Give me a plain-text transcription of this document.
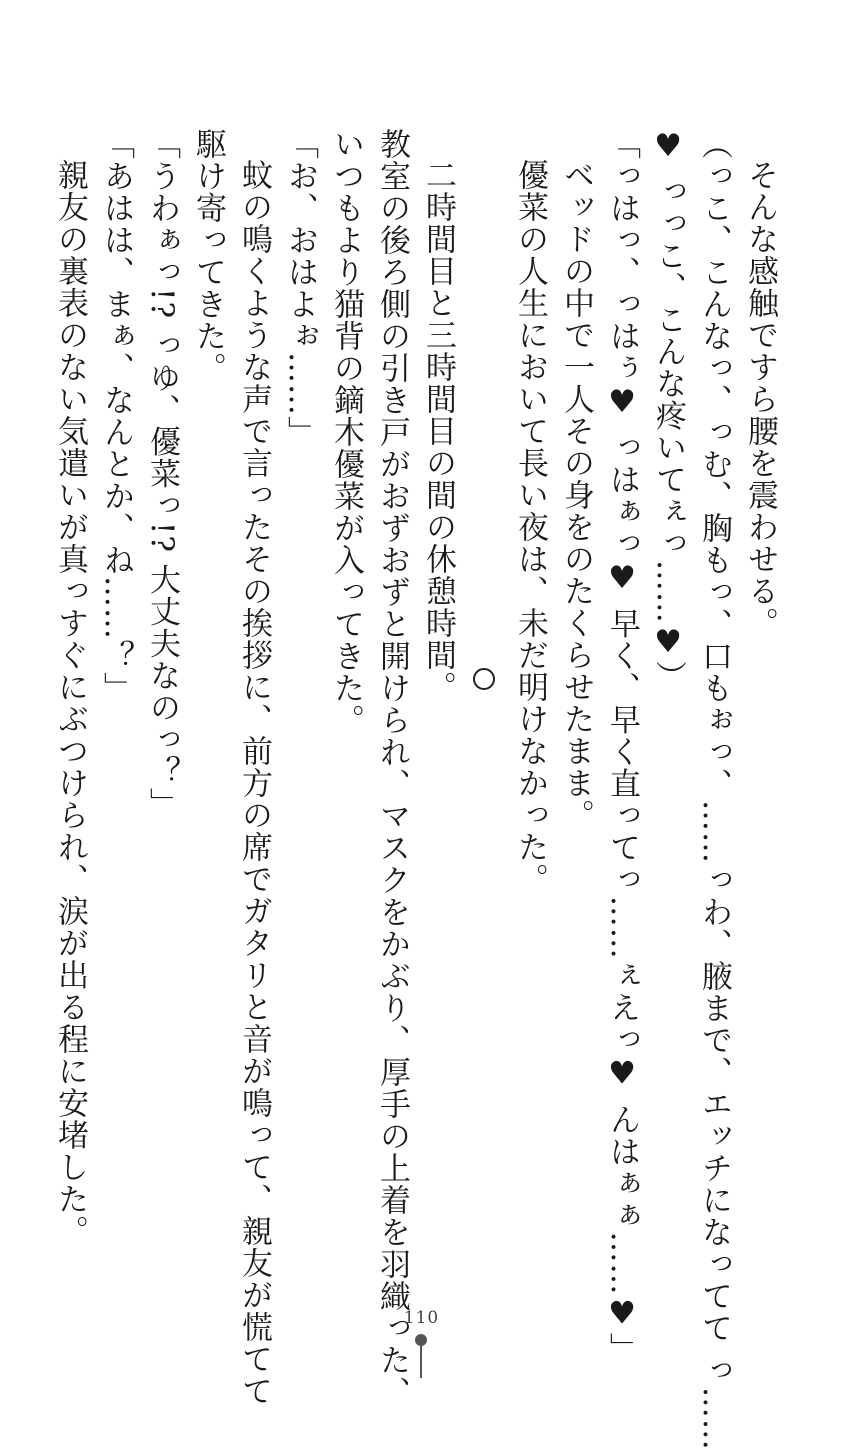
そんな感触ですら腰を震わせる。
（っこ、こんなっ、っむ、胸もっ、口もぉっ、……っわ、腋まで、エッチになってて っ……
♥ っっこ、こんな疼いてぇっ……♥）
「っはっ、っはぅ♥ っはぁっ♥ 早く、早く直ってっ……ぇえっ♥ んはぁぁ……♥」
ベッドの中で一人その身をのたくらせたまま。
優菜の人生において長い夜は、未だ明けなかった。
二時間目と三時間目の間の休憩時間。
教室の後ろ側の引き戸がおずおずと開けられ、マスクをかぶり、厚手の上着を羽織った、
いつもより猫背の鏑木優菜が入ってきた。
「お、おはよぉ……」
蚊の鳴くような声で言ったその挨拶に、前方の席でガタリと音が鳴って、親友が慌てて
駆け寄ってきた。
「うわぁっ!? っゆ、優菜っ!? 大丈夫なのっ？」
「あはは、まぁ、なんとか、ね……？」
親友の裏表のない気遣いが真っすぐにぶつけられ、涙が出る程に安堵した。
110
